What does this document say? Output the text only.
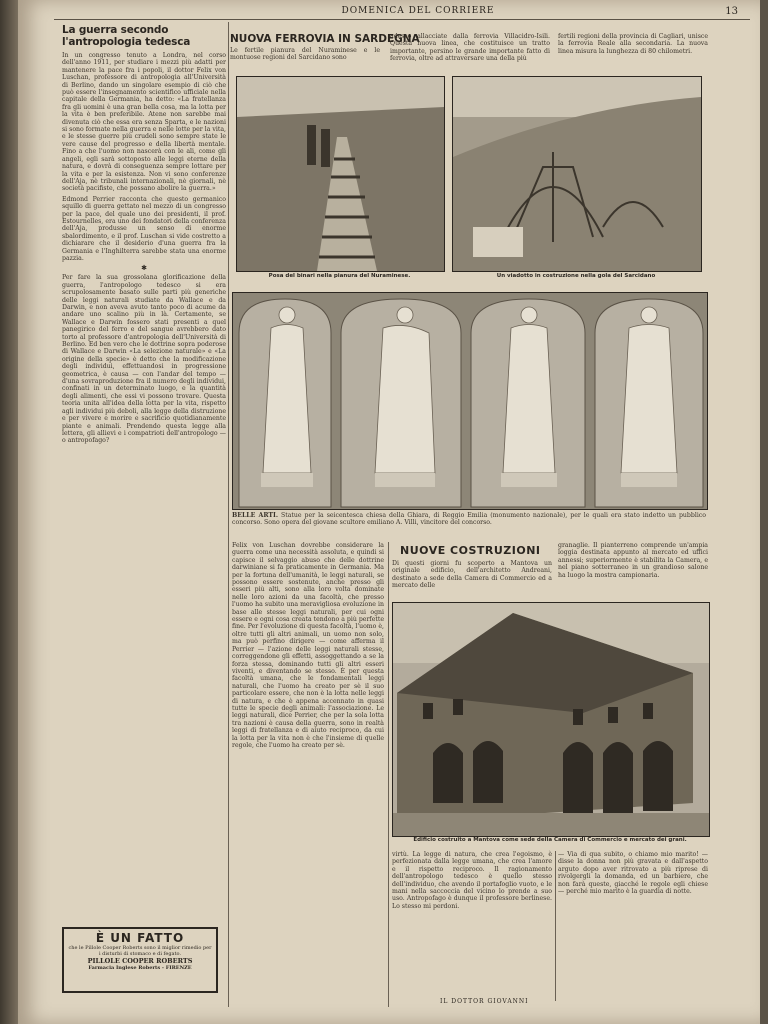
DOMENICA DEL CORRIERE	13
La guerra secondo l'antropologia tedesca
In un congresso tenuto a Londra, nel corso dell'anno 1911, per studiare i mezzi più adatti per mantenere la pace fra i popoli, il dottor Felix von Luschan, professore di antropologia all'Università di Berlino, dando un singolare esempio di ciò che può essere l'insegnamento scientifico ufficiale nella capitale della Germania, ha detto: «La fratellanza fra gli uomini è una gran bella cosa, ma la lotta per la vita è ben preferibile. Atene non sarebbe mai divenuta ciò che essa era senza Sparta, e le nazioni si sono formate nella guerra e nelle lotte per la vita, e le stesse guerre più crudeli sono sempre state le vere cause del progresso e della libertà mentale. Fino a che l'uomo non nascerà con le ali, come gli angeli, egli sarà sottoposto alle leggi eterne della natura, e dovrà di conseguenza sempre lottare per la vita e per la esistenza. Non vi sono conferenze dell'Aja, nè tribunali internazionali, nè giornali, nè società pacifiste, che possano abolire la guerra.»
Edmond Perrier racconta che questo germanico squillo di guerra gettato nel mezzo di un congresso per la pace, del quale uno dei presidenti, il prof. Estournelles, era uno dei fondatori della conferenza dell'Aja, produsse un senso di enorme sbalordimento, e il prof. Luschan si vide costretto a dichiarare che il desiderio d'una guerra fra la Germania e l'Inghilterra sarebbe stata una enorme pazzia.
✱
Per fare la sua grossolana glorificazione della guerra, l'antropologo tedesco si era scrupolosamente basato sulle parti più generiche delle leggi naturali studiate da Wallace e da Darwin, e non aveva avuto tanto poco di acume da andare uno scalino più in là. Certamente, se Wallace e Darwin fossero stati presenti a quel panegirico del ferro e del sangue avrebbero dato torto al professore d'antropologia dell'Università di Berlino. Ed ben vero che le dottrine sopra poderose di Wallace e Darwin «La selezione naturale» e «La origine della specie» è detto che la modificazione degli individui, effettuandosi in progressione geometrica, è causa — con l'andar del tempo — d'una sovraproduzione fra il numero degli individui, confinati in un determinato luogo, e la quantità degli alimenti, che essi vi possono trovare. Questa teoria unita all'idea della lotta per la vita, rispetto agli individui più deboli, alla legge della distruzione e per vivere e morire e sacrificio quotidianamente piante e animali. Prendendo questa legge alla lettera, gli allievi e i compatrioti dell'antropologo — o antropofago?
È UN FATTO
che le Pillole Cooper Roberts sono il miglior rimedio per i disturbi di stomaco e di fegato.
PILLOLE COOPER ROBERTS
Farmacia Inglese Roberts - FIRENZE
NUOVA FERROVIA IN SARDEGNA
Le fertile pianura del Nuraminese e le montuose regioni del Sarcidano sono
adesso allacciate dalla ferrovia Villacidro-Isili. Questa nuova linea, che costituisce un tratto importante, persino le grande importante fatto di ferrovia, oltre ad attraversare una della più
fertili regioni della provincia di Cagliari, unisce la ferrovia Reale alla secondaria. La nuova linea misura la lunghezza di 80 chilometri.
Posa del binari nella pianura del Nuraminese.	Un viadotto in costruzione nella gola del Sarcidano
BELLE ARTI. Statue per la seicentesca chiesa della Ghiara, di Reggio Emilia (monumento nazionale), per le quali era stato indetto un pubblico concorso. Sono opera del giovane scultore emiliano A. Villi, vincitore del concorso.
Felix von Luschan dovrebbe considerare la guerra come una necessità assoluta, e quindi si capisce il selvaggio abuso che delle dottrine darwiniane si fa praticamente in Germania. Ma per la fortuna dell'umanità, le leggi naturali, se possono essere sostenute, anche presso gli esseri più alti, sono alla loro volta dominate nelle loro azioni da una facoltà, che presso l'uomo ha subito una meravigliosa evoluzione in base alle stesse leggi naturali, per cui ogni essere e ogni cosa creata tendono a più perfette fine. Per l'evoluzione di questa facoltà, l'uomo è, oltre tutti gli altri animali, un uomo non solo, ma può perfino dirigere — come afferma il Perrier — l'azione delle leggi naturali stesse, correggendone gli effetti, assoggettando a se la forza stessa, dominando tutti gli altri esseri viventi, e diventando se stesso. È per questa facoltà umana, che le fondamentali leggi naturali, che l'uomo ha creato per sè il suo particolare essere, che non è la lotta nelle leggi di natura, e che è appena accennato in quasi tutte le specie degli animali: l'associazione. Le leggi naturali, dice Perrier, che per la sola lotta tra nazioni è causa della guerra, sono in realtà leggi di fratellanza e di aiuto reciproco, da cui la lotta per la vita non è che l'insieme di quelle regole, che l'uomo ha creato per sè.
NUOVE COSTRUZIONI
Di questi giorni fu scoperto a Mantova un originale edificio, dell'architetto Andreani, destinato a sede della Camera di Commercio ed a mercato delle
granaglie. Il pianterreno comprende un'ampia loggia destinata appunto al mercato ed uffici annessi; superiormente è stabilita la Camera, e nel piano sotterraneo in un grandioso salone ha luogo la mostra campionaria.
Edificio costruito a Mantova come sede della Camera di Commercio e mercato dei grani.
virtù. La legge di natura, che crea l'egoismo, è perfezionata dalla legge umana, che crea l'amore e il rispetto reciproco. Il ragionamento dell'antropologo tedesco è quello stesso dell'individuo, che avendo il portafoglio vuoto, e le mani nella saccoccia del vicino lo prende a suo uso. Antropofago è dunque il professore berlinese. Lo stesso mi perdoni.
— Via di qua subito, o chiamo mio marito! — disse la donna non più gravata e dall'aspetto arguto dopo aver ritrovato a più riprese di rivolgergli la domanda, ed un barbiere, che non farà queste, giacché le regole egli chiese — perché mio marito è la guardia di notte.
IL DOTTOR GIOVANNI
